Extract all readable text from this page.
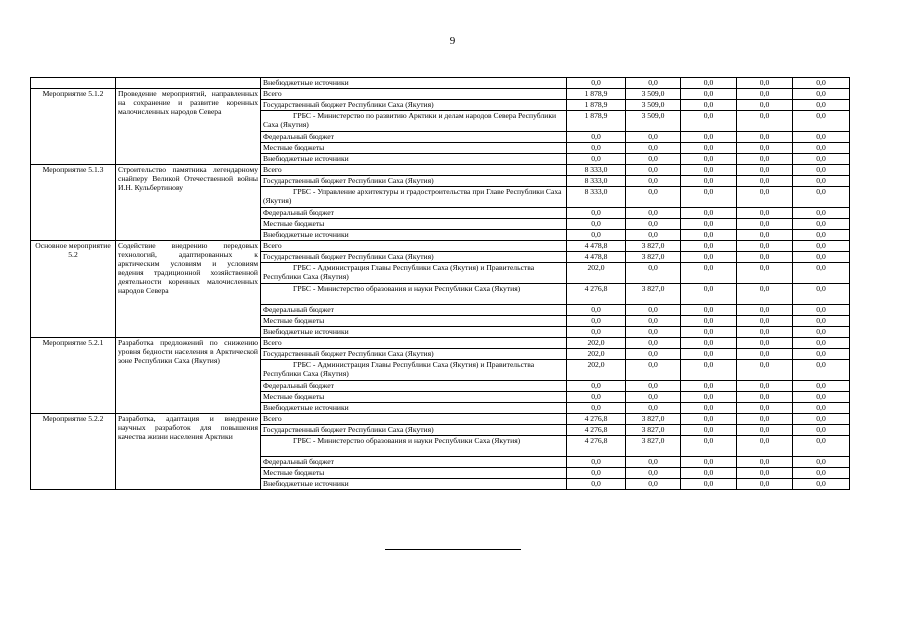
9
		Внебюджетные источники	0,0	0,0	0,0	0,0	0,0
Мероприятие 5.1.2	Проведение мероприятий, направленных на сохранение и развитие коренных малочисленных народов Севера	Всего	1 878,9	3 509,0	0,0	0,0	0,0
		Государственный бюджет Республики Саха (Якутия)	1 878,9	3 509,0	0,0	0,0	0,0
		ГРБС - Министерство по развитию Арктики и делам народов Севера Республики Саха (Якутия)	1 878,9	3 509,0	0,0	0,0	0,0
		Федеральный бюджет	0,0	0,0	0,0	0,0	0,0
		Местные бюджеты	0,0	0,0	0,0	0,0	0,0
		Внебюджетные источники	0,0	0,0	0,0	0,0	0,0
Мероприятие 5.1.3	Строительство памятника легендарному снайперу Великой Отечественной войны И.Н. Кульбертинову	Всего	8 333,0	0,0	0,0	0,0	0,0
		Государственный бюджет Республики Саха (Якутия)	8 333,0	0,0	0,0	0,0	0,0
		ГРБС - Управление архитектуры и градостроительства при Главе Республики Саха (Якутия)	8 333,0	0,0	0,0	0,0	0,0
		Федеральный бюджет	0,0	0,0	0,0	0,0	0,0
		Местные бюджеты	0,0	0,0	0,0	0,0	0,0
		Внебюджетные источники	0,0	0,0	0,0	0,0	0,0
Основное мероприятие 5.2	Содействие внедрению передовых технологий, адаптированных к арктическим условиям и условиям ведения традиционной хозяйственной деятельности коренных малочисленных народов Севера	Всего	4 478,8	3 827,0	0,0	0,0	0,0
		Государственный бюджет Республики Саха (Якутия)	4 478,8	3 827,0	0,0	0,0	0,0
		ГРБС - Администрация Главы Республики Саха (Якутия) и Правительства Республики Саха (Якутия)	202,0	0,0	0,0	0,0	0,0
		ГРБС - Министерство образования и науки Республики Саха (Якутия)	4 276,8	3 827,0	0,0	0,0	0,0
		Федеральный бюджет	0,0	0,0	0,0	0,0	0,0
		Местные бюджеты	0,0	0,0	0,0	0,0	0,0
		Внебюджетные источники	0,0	0,0	0,0	0,0	0,0
Мероприятие 5.2.1	Разработка предложений по снижению уровня бедности населения в Арктической зоне Республики Саха (Якутия)	Всего	202,0	0,0	0,0	0,0	0,0
		Государственный бюджет Республики Саха (Якутия)	202,0	0,0	0,0	0,0	0,0
		ГРБС - Администрация Главы Республики Саха (Якутия) и Правительства Республики Саха (Якутия)	202,0	0,0	0,0	0,0	0,0
		Федеральный бюджет	0,0	0,0	0,0	0,0	0,0
		Местные бюджеты	0,0	0,0	0,0	0,0	0,0
		Внебюджетные источники	0,0	0,0	0,0	0,0	0,0
Мероприятие 5.2.2	Разработка, адаптация и внедрение научных разработок для повышения качества жизни населения Арктики	Всего	4 276,8	3 827,0	0,0	0,0	0,0
		Государственный бюджет Республики Саха (Якутия)	4 276,8	3 827,0	0,0	0,0	0,0
		ГРБС - Министерство образования и науки Республики Саха (Якутия)	4 276,8	3 827,0	0,0	0,0	0,0
		Федеральный бюджет	0,0	0,0	0,0	0,0	0,0
		Местные бюджеты	0,0	0,0	0,0	0,0	0,0
		Внебюджетные источники	0,0	0,0	0,0	0,0	0,0
